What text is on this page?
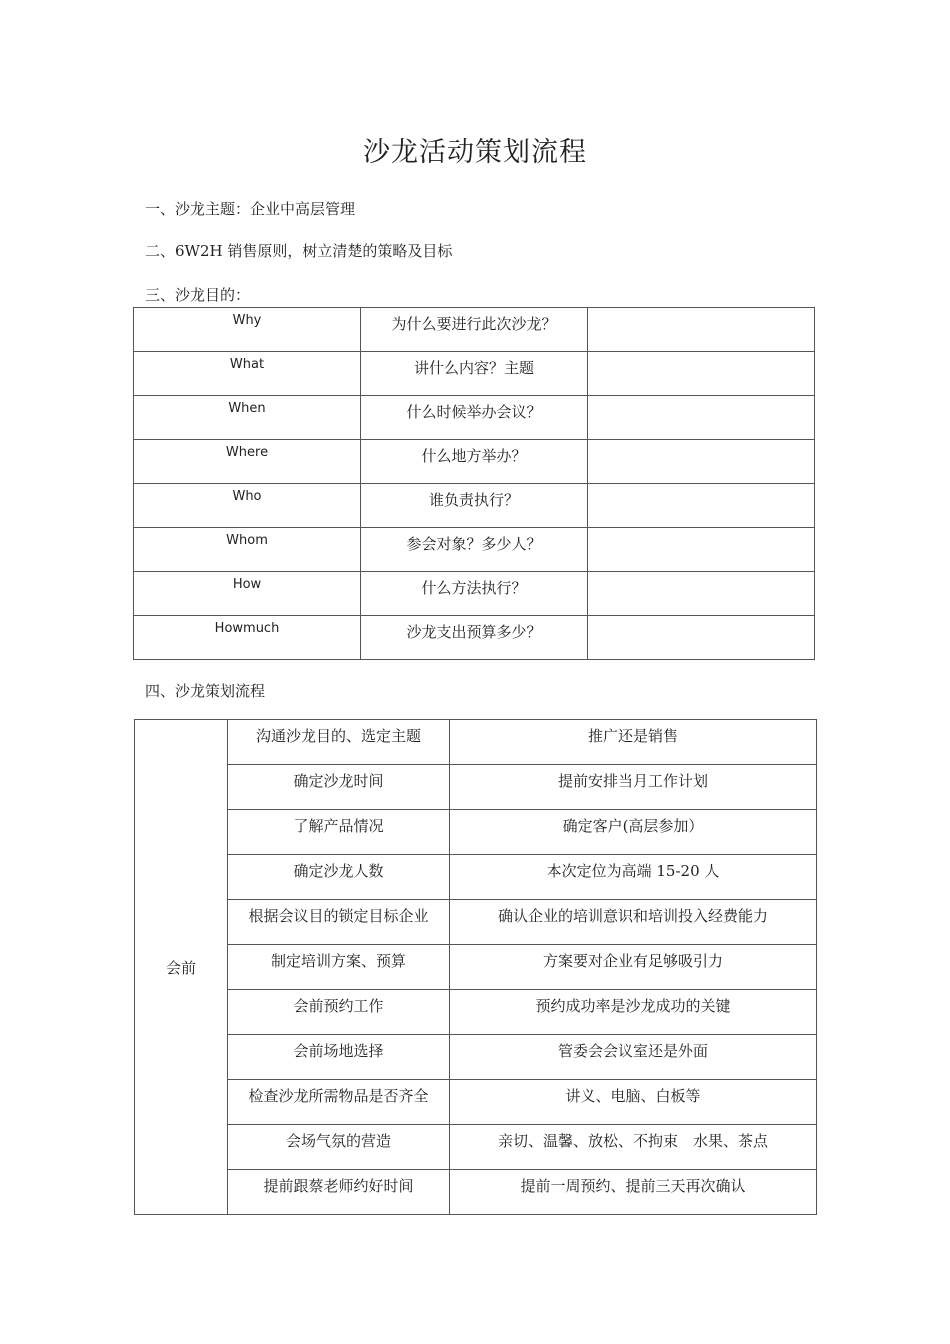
沙龙活动策划流程
一、沙龙主题：企业中高层管理
二、6W2H 销售原则，树立清楚的策略及目标
三、沙龙目的：
Why	为什么要进行此次沙龙？	
What	讲什么内容？主题	
When	什么时候举办会议？	
Where	什么地方举办？	
Who	谁负责执行？	
Whom	参会对象？多少人？	
How	什么方法执行？	
Howmuch	沙龙支出预算多少？	
四、沙龙策划流程
会前	沟通沙龙目的、选定主题	推广还是销售
	确定沙龙时间	提前安排当月工作计划
	了解产品情况	确定客户(高层参加）
	确定沙龙人数	本次定位为高端 15-20 人
	根据会议目的锁定目标企业	确认企业的培训意识和培训投入经费能力
	制定培训方案、预算	方案要对企业有足够吸引力
	会前预约工作	预约成功率是沙龙成功的关键
	会前场地选择	管委会会议室还是外面
	检查沙龙所需物品是否齐全	讲义、电脑、白板等
	会场气氛的营造	亲切、温馨、放松、不拘束　水果、茶点
	提前跟蔡老师约好时间	提前一周预约、提前三天再次确认
